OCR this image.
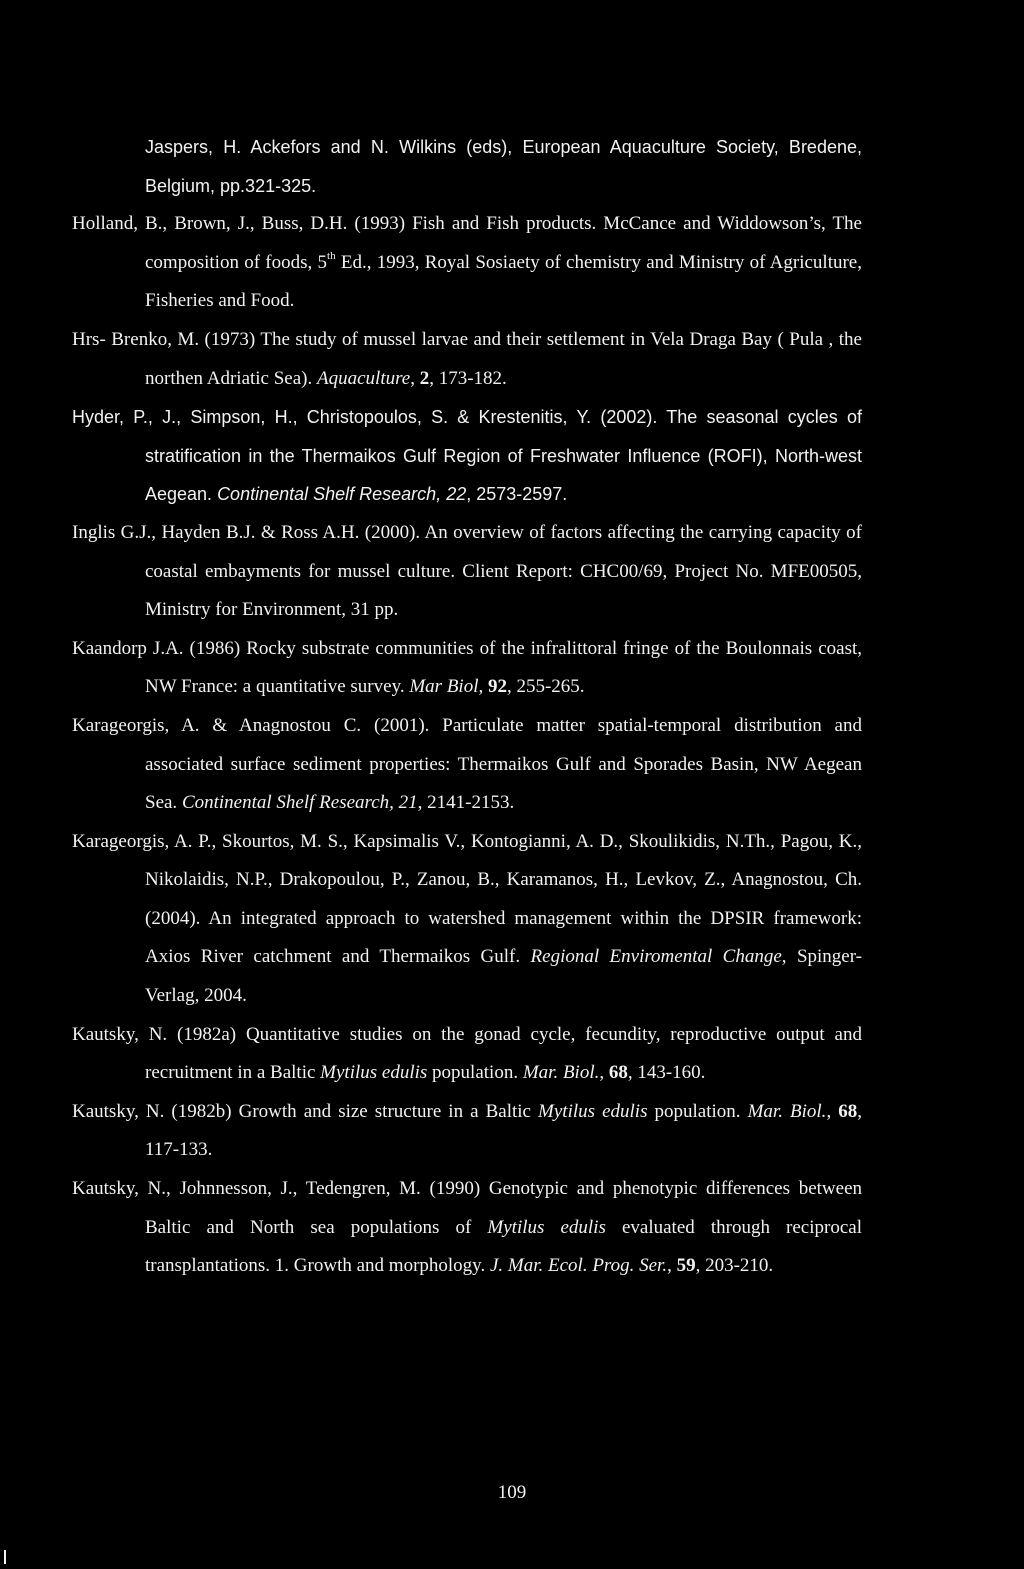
Jaspers, H. Ackefors and N. Wilkins (eds), European Aquaculture Society, Bredene, Belgium, pp.321-325.

Holland, B., Brown, J., Buss, D.H. (1993) Fish and Fish products. McCance and Widdowson’s, The composition of foods, 5th Ed., 1993, Royal Sosiaety of chemistry and Ministry of Agriculture, Fisheries and Food.

Hrs- Brenko, M. (1973) The study of mussel larvae and their settlement in Vela Draga Bay ( Pula , the northen Adriatic Sea). Aquaculture, 2, 173-182.

Hyder, P., J., Simpson, H., Christopoulos, S. & Krestenitis, Y. (2002). The seasonal cycles of stratification in the Thermaikos Gulf Region of Freshwater Influence (ROFI), North-west Aegean. Continental Shelf Research, 22, 2573-2597.

Inglis G.J., Hayden B.J. & Ross A.H. (2000). An overview of factors affecting the carrying capacity of coastal embayments for mussel culture. Client Report: CHC00/69, Project No. MFE00505, Ministry for Environment, 31 pp.

Kaandorp J.A. (1986) Rocky substrate communities of the infralittoral fringe of the Boulonnais coast, NW France: a quantitative survey. Mar Biol, 92, 255-265.

Karageorgis, A. & Anagnostou C. (2001). Particulate matter spatial-temporal distribution and associated surface sediment properties: Thermaikos Gulf and Sporades Basin, NW Aegean Sea. Continental Shelf Research, 21, 2141-2153.

Karageorgis, A. P., Skourtos, M. S., Kapsimalis V., Kontogianni, A. D., Skoulikidis, N.Th., Pagou, K., Nikolaidis, N.P., Drakopoulou, P., Zanou, B., Karamanos, H., Levkov, Z., Anagnostou, Ch. (2004). An integrated approach to watershed management within the DPSIR framework: Axios River catchment and Thermaikos Gulf. Regional Enviromental Change, Spinger-Verlag, 2004.

Kautsky, N. (1982a) Quantitative studies on the gonad cycle, fecundity, reproductive output and recruitment in a Baltic Mytilus edulis population. Mar. Biol., 68, 143-160.

Kautsky, N. (1982b) Growth and size structure in a Baltic Mytilus edulis population. Mar. Biol., 68, 117-133.

Kautsky, N., Johnnesson, J., Tedengren, M. (1990) Genotypic and phenotypic differences between Baltic and North sea populations of Mytilus edulis evaluated through reciprocal transplantations. 1. Growth and morphology. J. Mar. Ecol. Prog. Ser., 59, 203-210.

109
